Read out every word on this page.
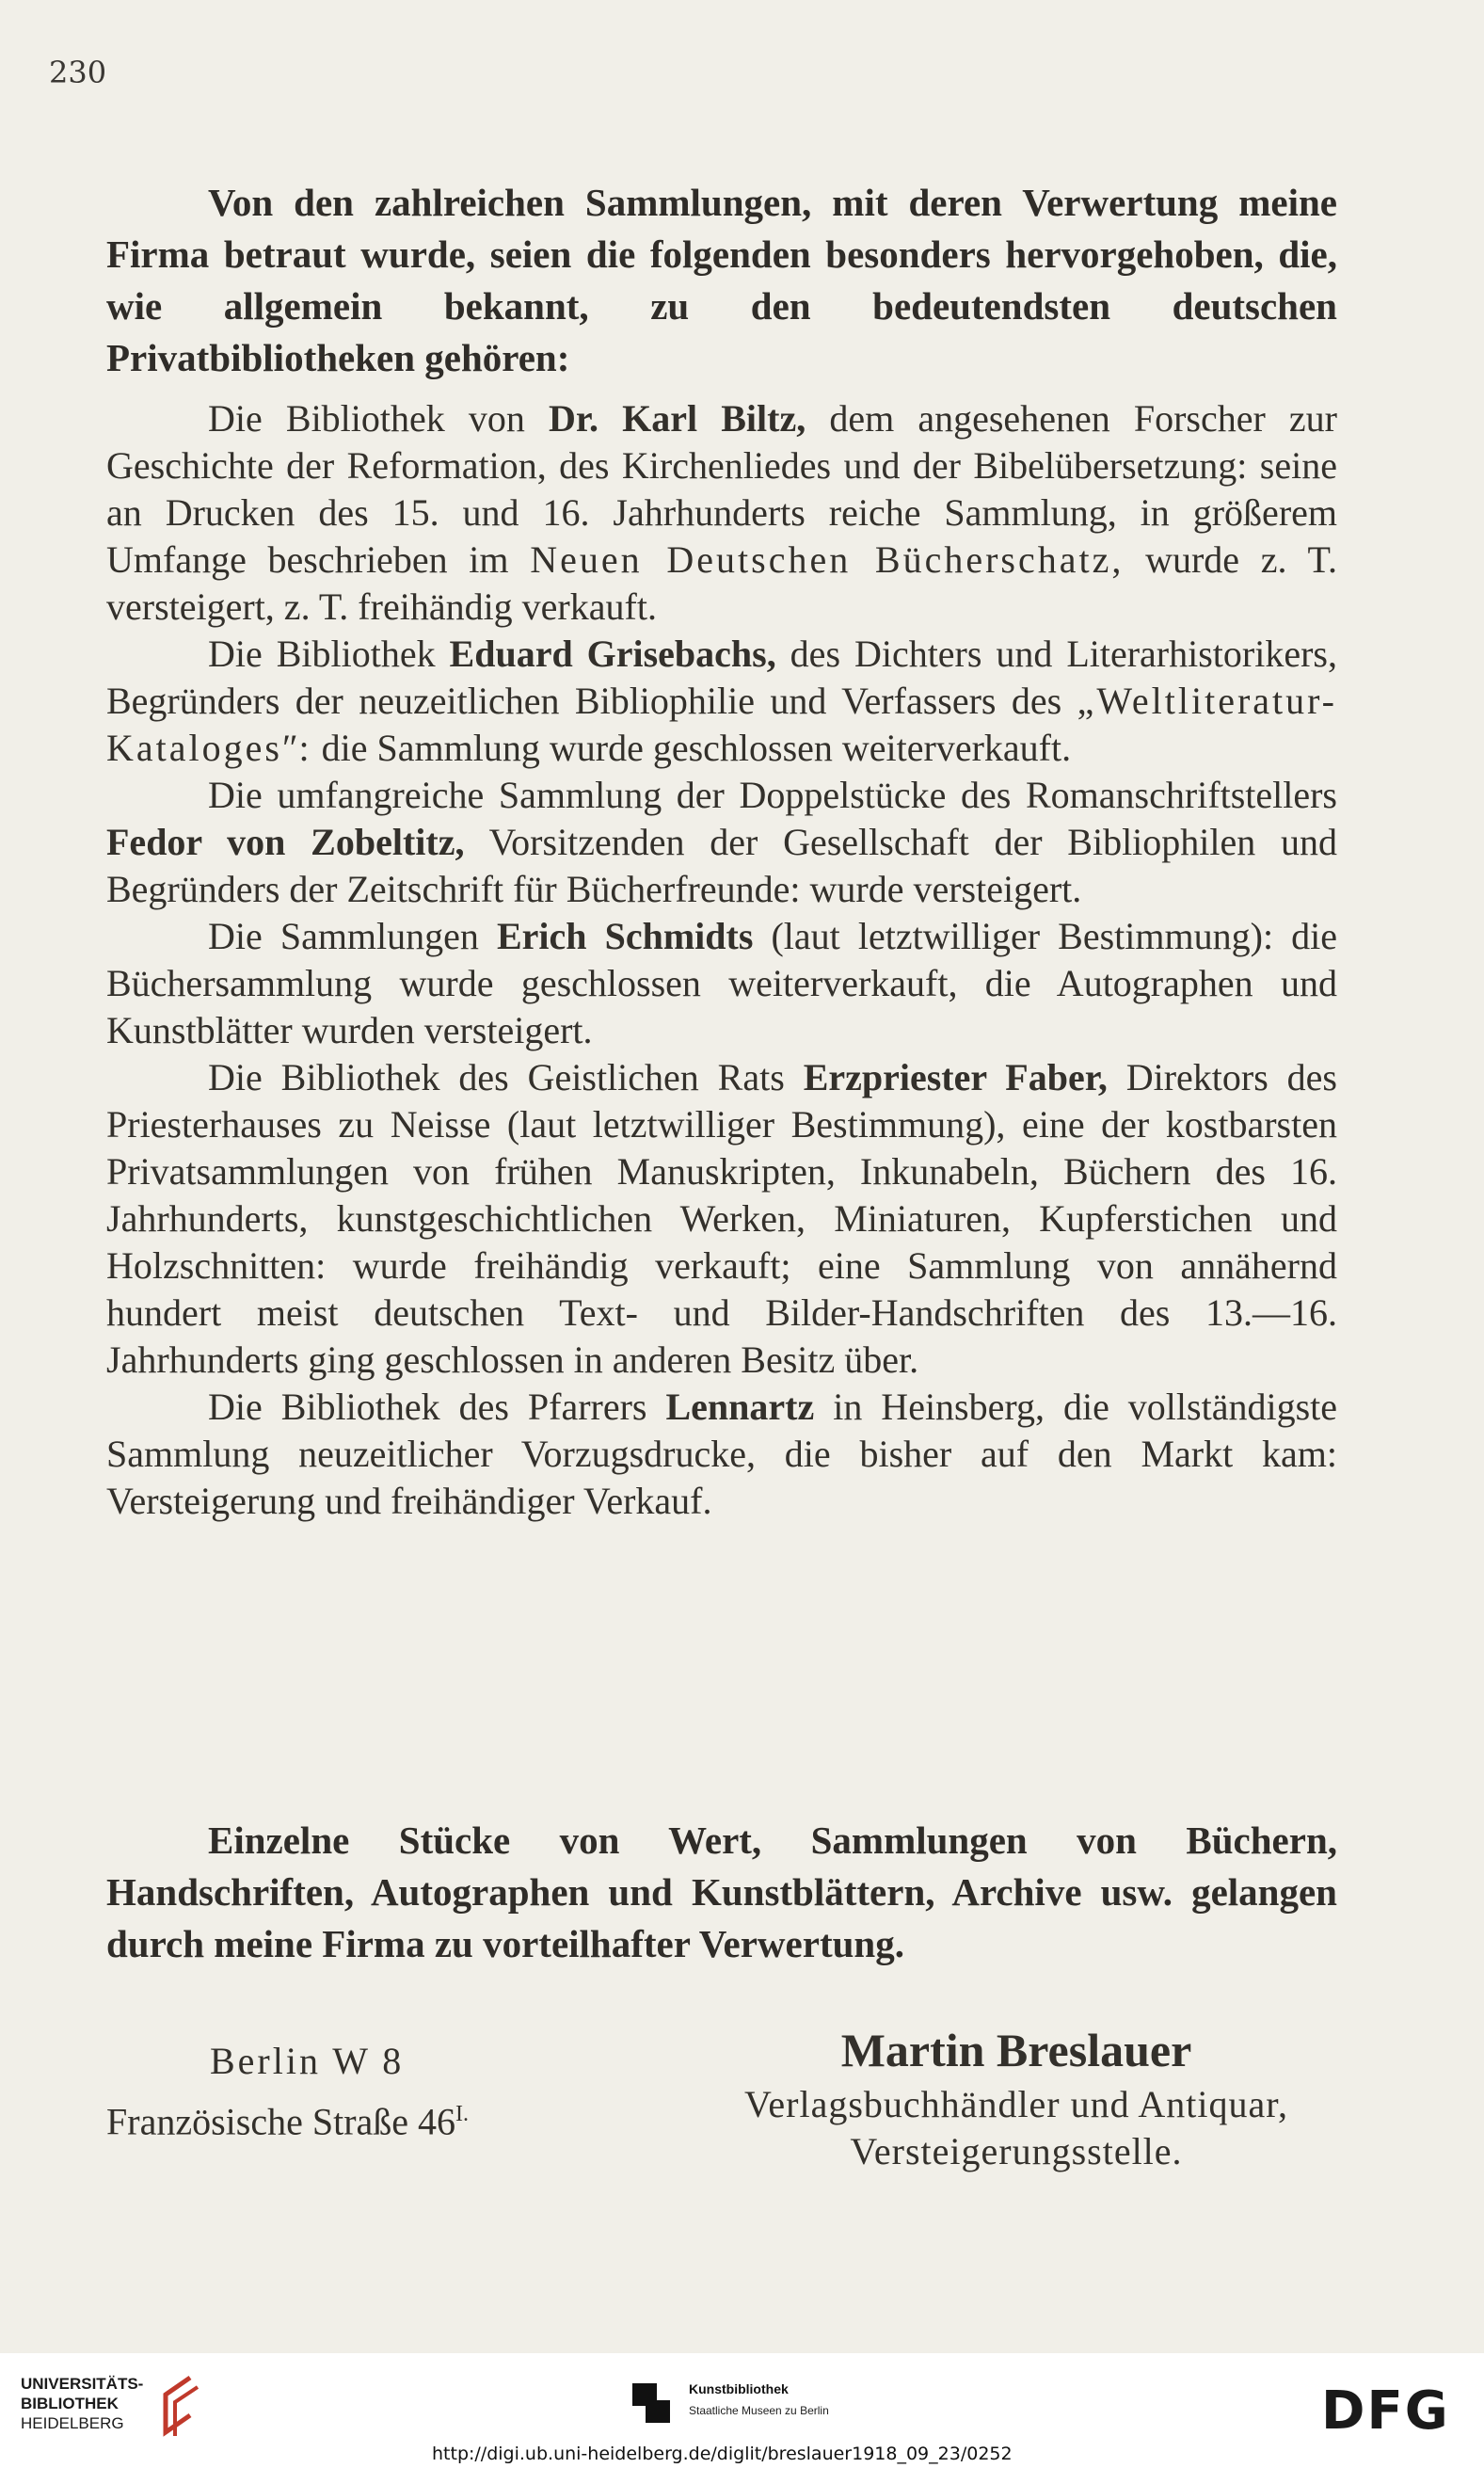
230
Von den zahlreichen Sammlungen, mit deren Verwertung meine Firma betraut wurde, seien die folgenden besonders hervorgehoben, die, wie allgemein bekannt, zu den bedeutendsten deutschen Privatbibliotheken gehören:

Die Bibliothek von Dr. Karl Biltz, dem angesehenen Forscher zur Geschichte der Reformation, des Kirchenliedes und der Bibelübersetzung: seine an Drucken des 15. und 16. Jahrhunderts reiche Sammlung, in größerem Umfange beschrieben im Neuen Deutschen Bücherschatz, wurde z. T. versteigert, z. T. freihändig verkauft.

Die Bibliothek Eduard Grisebachs, des Dichters und Literarhistorikers, Begründers der neuzeitlichen Bibliophilie und Verfassers des „Weltliteratur-Katalogesʺ: die Sammlung wurde geschlossen weiterverkauft.

Die umfangreiche Sammlung der Doppelstücke des Romanschriftstellers Fedor von Zobeltitz, Vorsitzenden der Gesellschaft der Bibliophilen und Begründers der Zeitschrift für Bücherfreunde: wurde versteigert.

Die Sammlungen Erich Schmidts (laut letztwilliger Bestimmung): die Büchersammlung wurde geschlossen weiterverkauft, die Autographen und Kunstblätter wurden versteigert.

Die Bibliothek des Geistlichen Rats Erzpriester Faber, Direktors des Priesterhauses zu Neisse (laut letztwilliger Bestimmung), eine der kostbarsten Privatsammlungen von frühen Manuskripten, Inkunabeln, Büchern des 16. Jahrhunderts, kunstgeschichtlichen Werken, Miniaturen, Kupferstichen und Holzschnitten: wurde freihändig verkauft; eine Sammlung von annähernd hundert meist deutschen Text- und Bilder-Handschriften des 13.—16. Jahrhunderts ging geschlossen in anderen Besitz über.

Die Bibliothek des Pfarrers Lennartz in Heinsberg, die vollständigste Sammlung neuzeitlicher Vorzugsdrucke, die bisher auf den Markt kam: Versteigerung und freihändiger Verkauf.

Einzelne Stücke von Wert, Sammlungen von Büchern, Handschriften, Autographen und Kunstblättern, Archive usw. gelangen durch meine Firma zu vorteilhafter Verwertung.
Berlin W 8
Französische Straße $46^{I.}$
Martin Breslauer
Verlagsbuchhändler und Antiquar,
Versteigerungsstelle.
UNIVERSITÄTS-
BIBLIOTHEK
HEIDELBERG
Kunstbibliothek
Staatliche Museen zu Berlin	DFG
http://digi.ub.uni-heidelberg.de/diglit/breslauer1918_09_23/0252
